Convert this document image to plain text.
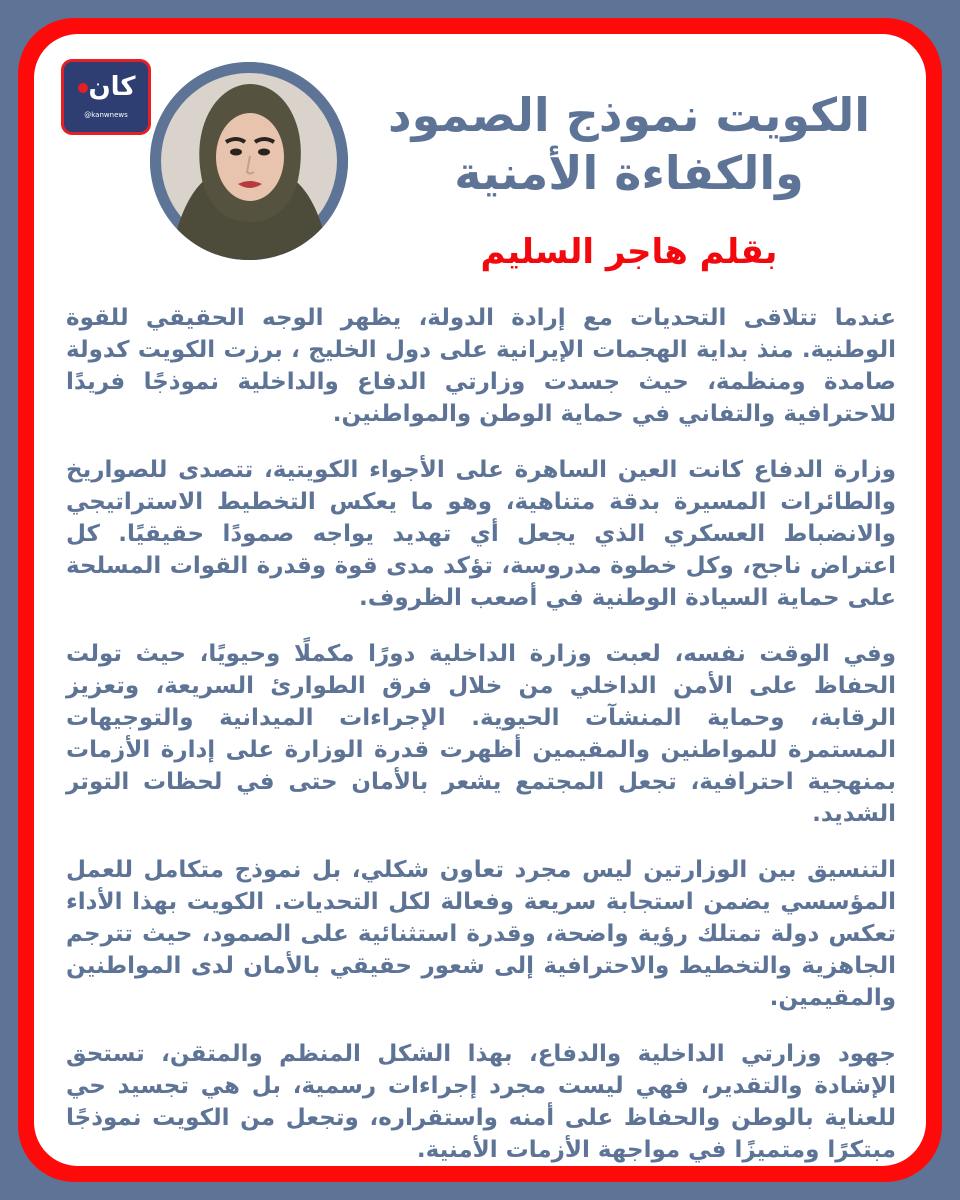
كان
@kanwnews	الكويت نموذج الصمود والكفاءة الأمنية
بقلم هاجر السليم

عندما تتلاقى التحديات مع إرادة الدولة، يظهر الوجه الحقيقي للقوة الوطنية. منذ بداية الهجمات الإيرانية على دول الخليج ، برزت الكويت كدولة صامدة ومنظمة، حيث جسدت وزارتي الدفاع والداخلية نموذجًا فريدًا للاحترافية والتفاني في حماية الوطن والمواطنين.

وزارة الدفاع كانت العين الساهرة على الأجواء الكويتية، تتصدى للصواريخ والطائرات المسيرة بدقة متناهية، وهو ما يعكس التخطيط الاستراتيجي والانضباط العسكري الذي يجعل أي تهديد يواجه صمودًا حقيقيًا. كل اعتراض ناجح، وكل خطوة مدروسة، تؤكد مدى قوة وقدرة القوات المسلحة على حماية السيادة الوطنية في أصعب الظروف.

وفي الوقت نفسه، لعبت وزارة الداخلية دورًا مكملًا وحيويًا، حيث تولت الحفاظ على الأمن الداخلي من خلال فرق الطوارئ السريعة، وتعزيز الرقابة، وحماية المنشآت الحيوية. الإجراءات الميدانية والتوجيهات المستمرة للمواطنين والمقيمين أظهرت قدرة الوزارة على إدارة الأزمات بمنهجية احترافية، تجعل المجتمع يشعر بالأمان حتى في لحظات التوتر الشديد.

التنسيق بين الوزارتين ليس مجرد تعاون شكلي، بل نموذج متكامل للعمل المؤسسي يضمن استجابة سريعة وفعالة لكل التحديات. الكويت بهذا الأداء تعكس دولة تمتلك رؤية واضحة، وقدرة استثنائية على الصمود، حيث تترجم الجاهزية والتخطيط والاحترافية إلى شعور حقيقي بالأمان لدى المواطنين والمقيمين.

جهود وزارتي الداخلية والدفاع، بهذا الشكل المنظم والمتقن، تستحق الإشادة والتقدير، فهي ليست مجرد إجراءات رسمية، بل هي تجسيد حي للعناية بالوطن والحفاظ على أمنه واستقراره، وتجعل من الكويت نموذجًا مبتكرًا ومتميزًا في مواجهة الأزمات الأمنية.
